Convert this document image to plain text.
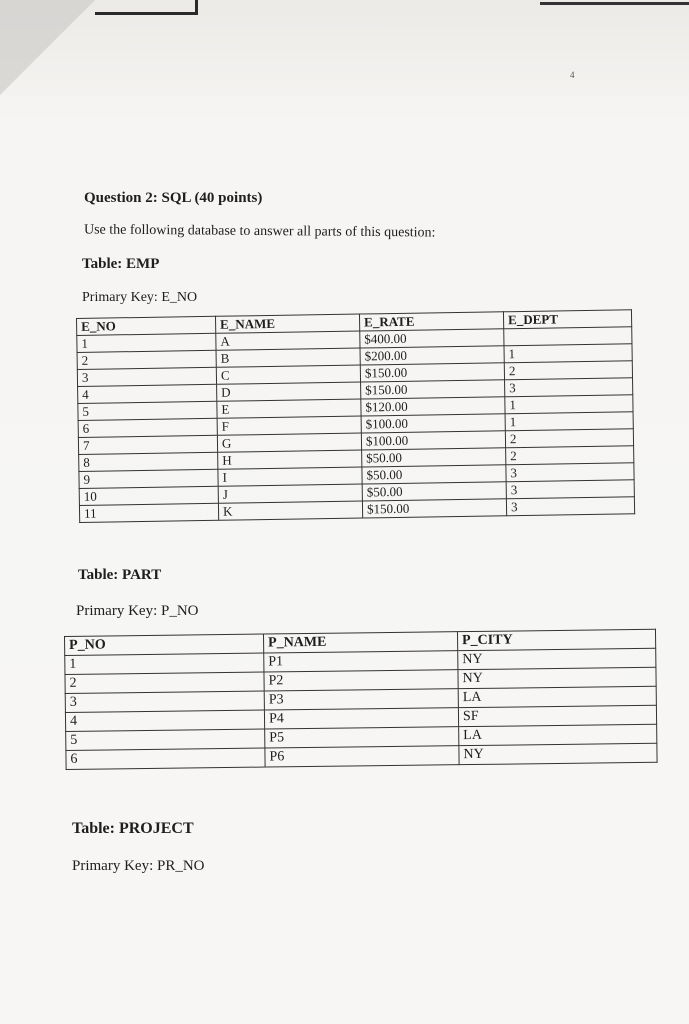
4
Question 2: SQL (40 points)
Use the following database to answer all parts of this question:
Table: EMP
Primary Key: E_NO
E_NO	E_NAME	E_RATE	E_DEPT
1	A	$400.00	
2	B	$200.00	1
3	C	$150.00	2
4	D	$150.00	3
5	E	$120.00	1
6	F	$100.00	1
7	G	$100.00	2
8	H	$50.00	2
9	I	$50.00	3
10	J	$50.00	3
11	K	$150.00	3
Table: PART
Primary Key: P_NO
P_NO	P_NAME	P_CITY
1	P1	NY
2	P2	NY
3	P3	LA
4	P4	SF
5	P5	LA
6	P6	NY
Table: PROJECT
Primary Key: PR_NO
